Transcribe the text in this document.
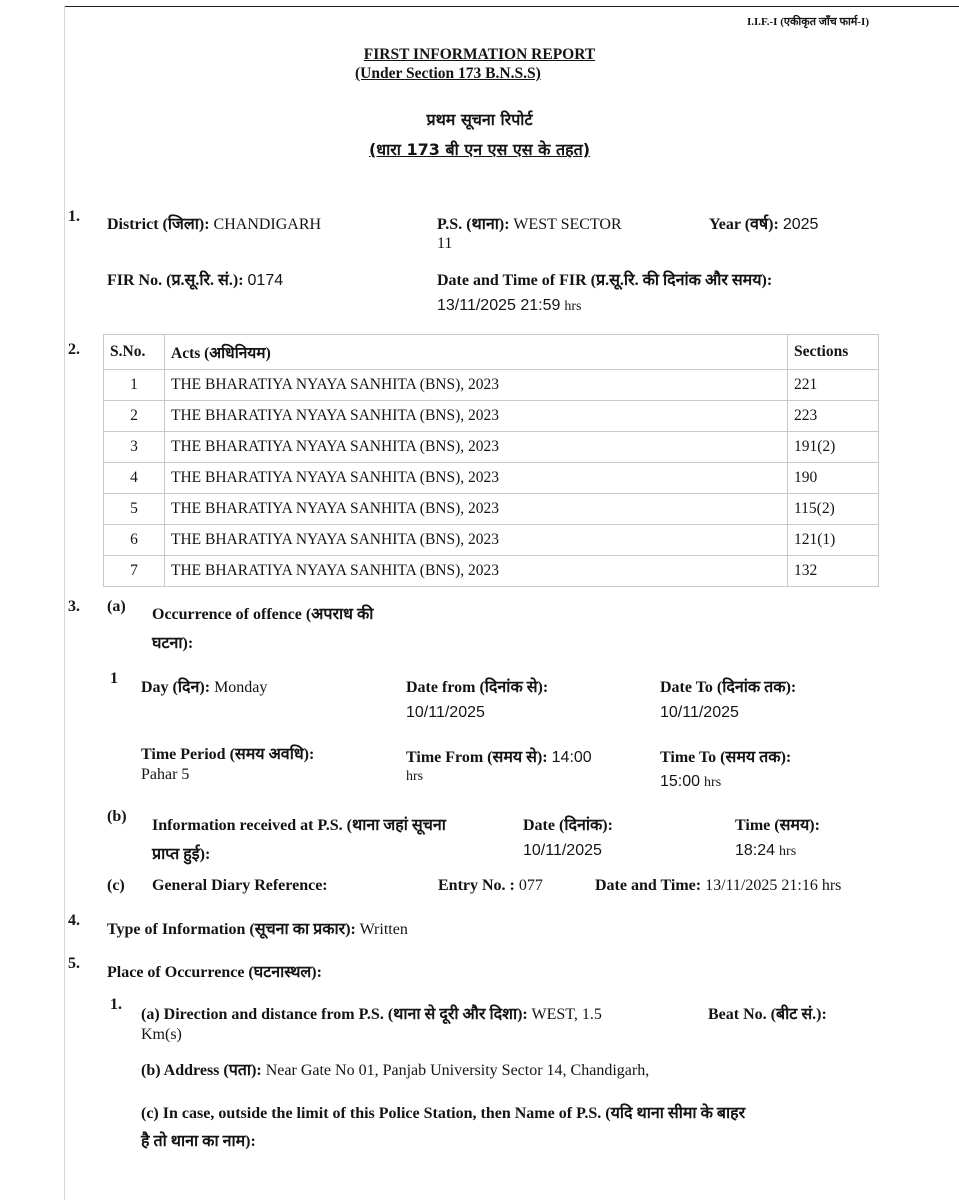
I.I.F.-I (एकीकृत जाँच फार्म-I)
FIRST INFORMATION REPORT
(Under Section 173 B.N.S.S)
प्रथम सूचना रिपोर्ट
(धारा 173 बी एन एस एस के तहत)
1. District (जिला): CHANDIGARH	P.S. (थाना): WEST SECTOR
11
Year (वर्ष): 2025
FIR No. (प्र.सू.रि. सं.): 0174	Date and Time of FIR (प्र.सू.रि. की दिनांक और समय):
13/11/2025 21:59 hrs
2. S.No.	Acts (अधिनियम)	Sections
1	THE BHARATIYA NYAYA SANHITA (BNS), 2023	221
2	THE BHARATIYA NYAYA SANHITA (BNS), 2023	223
3	THE BHARATIYA NYAYA SANHITA (BNS), 2023	191(2)
4	THE BHARATIYA NYAYA SANHITA (BNS), 2023	190
5	THE BHARATIYA NYAYA SANHITA (BNS), 2023	115(2)
6	THE BHARATIYA NYAYA SANHITA (BNS), 2023	121(1)
7	THE BHARATIYA NYAYA SANHITA (BNS), 2023	132
3. (a) Occurrence of offence (अपराध की
घटना):
1
Day (दिन): Monday	Date from (दिनांक से):
10/11/2025
Date To (दिनांक तक):
10/11/2025
Time Period (समय अवधि):
Pahar 5
Time From (समय से): 14:00
hrs
Time To (समय तक):
15:00 hrs
(b)
Information received at P.S. (थाना जहां सूचना
प्राप्त हुई):
Date (दिनांक):
10/11/2025
Time (समय):
18:24 hrs
(c) General Diary Reference:	Entry No. : 077	Date and Time: 13/11/2025 21:16 hrs
4.
Type of Information (सूचना का प्रकार): Written
5.
Place of Occurrence (घटनास्थल):
1.
(a) Direction and distance from P.S. (थाना से दूरी और दिशा): WEST, 1.5	Beat No. (बीट सं.):
Km(s)
(b) Address (पता): Near Gate No 01, Panjab University Sector 14, Chandigarh,
(c) In case, outside the limit of this Police Station, then Name of P.S. (यदि थाना सीमा के बाहर
है तो थाना का नाम):
